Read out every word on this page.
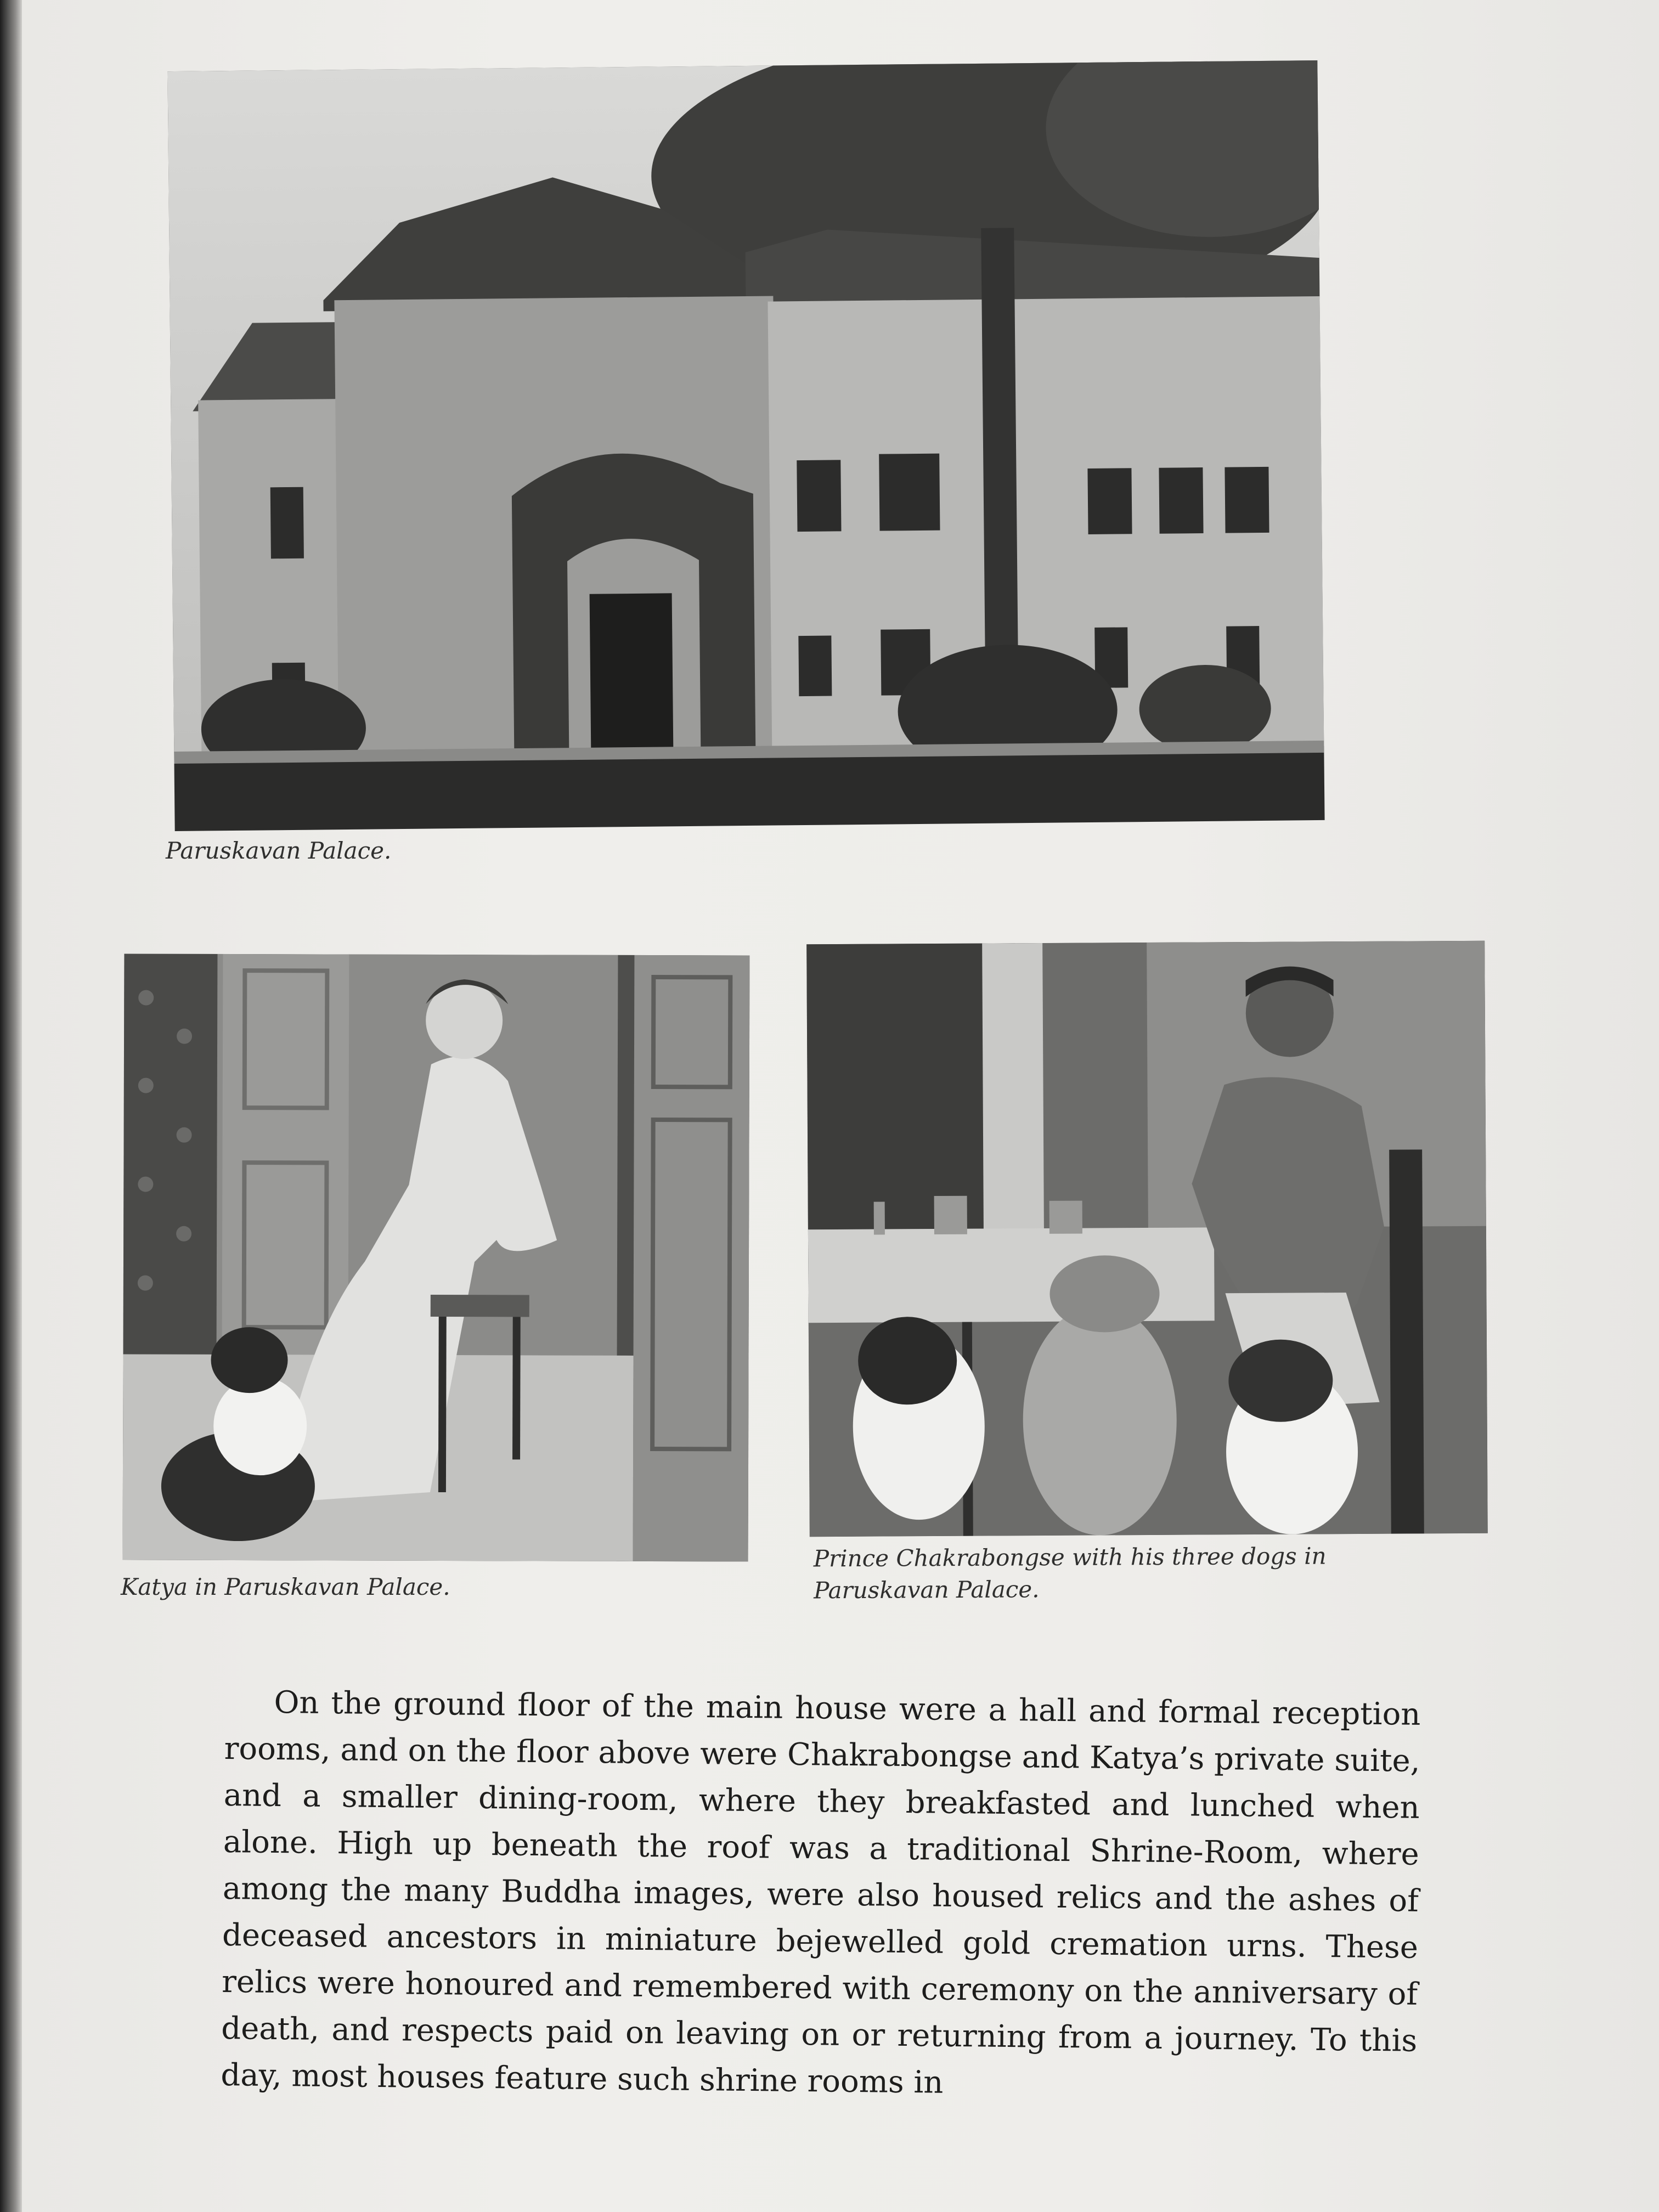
Paruskavan Palace.
Katya in Paruskavan Palace.
Prince Chakrabongse with his three dogs in
Paruskavan Palace.

On the ground floor of the main house were a hall and formal reception rooms, and on the floor above were Chakrabongse and Katya’s private suite, and a smaller dining-room, where they breakfasted and lunched when alone. High up beneath the roof was a traditional Shrine-Room, where among the many Buddha images, were also housed relics and the ashes of deceased ancestors in miniature bejewelled gold cremation urns. These relics were honoured and remembered with ceremony on the anniversary of death, and respects paid on leaving on or returning from a journey. To this day, most houses feature such shrine rooms in
